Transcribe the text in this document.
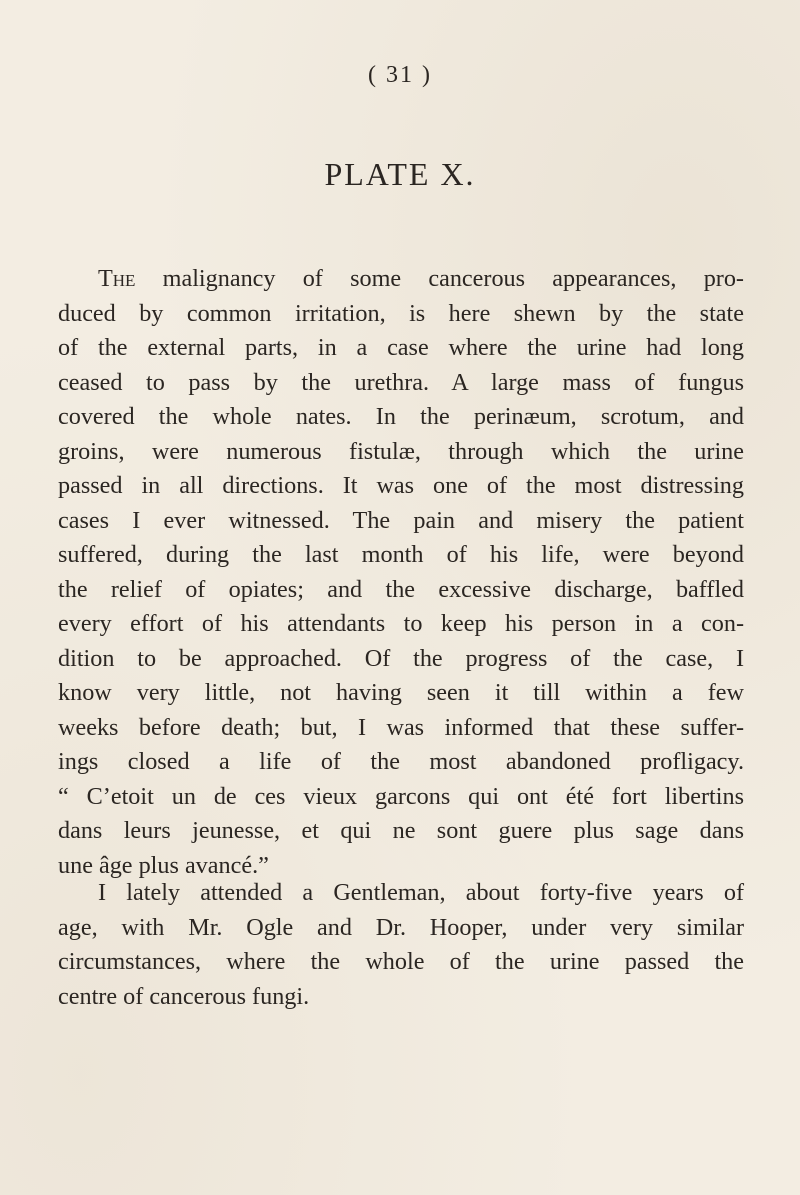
( 31 )
PLATE X.
The malignancy of some cancerous appearances, pro-
duced by common irritation, is here shewn by the state
of the external parts, in a case where the urine had long
ceased to pass by the urethra. A large mass of fungus
covered the whole nates. In the perinæum, scrotum, and
groins, were numerous fistulæ, through which the urine
passed in all directions. It was one of the most distressing
cases I ever witnessed. The pain and misery the patient
suffered, during the last month of his life, were beyond
the relief of opiates; and the excessive discharge, baffled
every effort of his attendants to keep his person in a con-
dition to be approached. Of the progress of the case, I
know very little, not having seen it till within a few
weeks before death; but, I was informed that these suffer-
ings closed a life of the most abandoned profligacy.
“ C’etoit un de ces vieux garcons qui ont été fort libertins
dans leurs jeunesse, et qui ne sont guere plus sage dans
une âge plus avancé.”
I lately attended a Gentleman, about forty-five years of
age, with Mr. Ogle and Dr. Hooper, under very similar
circumstances, where the whole of the urine passed the
centre of cancerous fungi.
